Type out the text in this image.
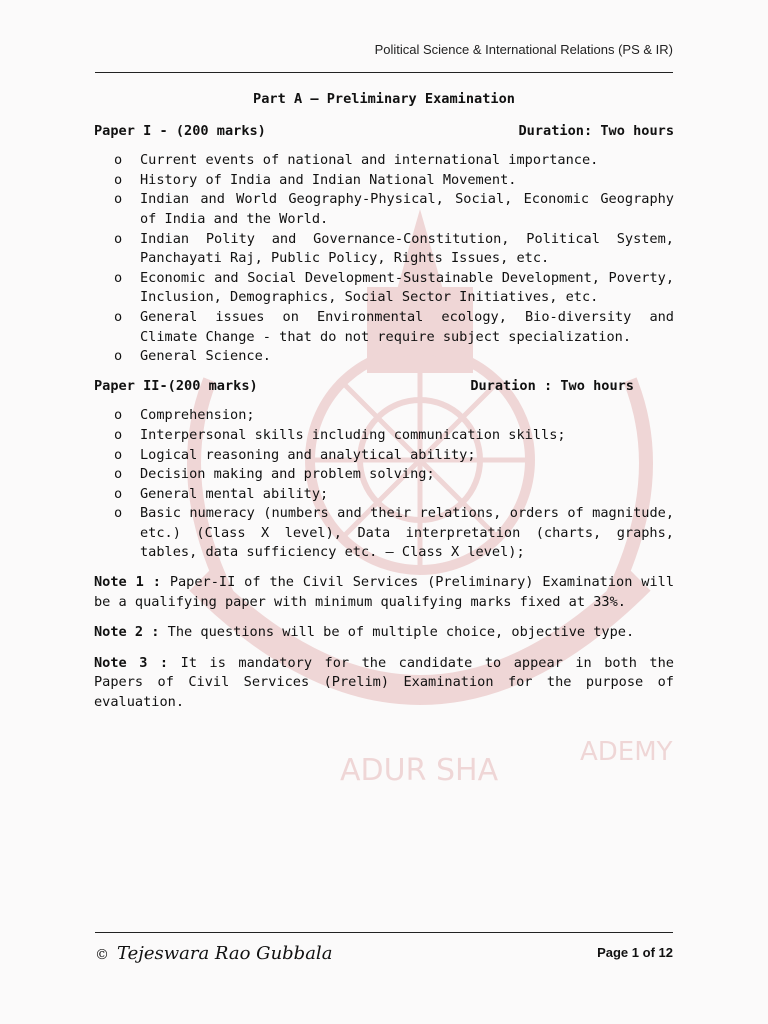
ADUR SHA
ADEMY
Political Science & International Relations (PS & IR)
Part A – Preliminary Examination
Paper I - (200 marks)	Duration: Two hours
o Current events of national and international importance.
o History of India and Indian National Movement.
o Indian and World Geography-Physical, Social, Economic Geography of India and the World.
o Indian Polity and Governance-Constitution, Political System, Panchayati Raj, Public Policy, Rights Issues, etc.
o Economic and Social Development-Sustainable Development, Poverty, Inclusion, Demographics, Social Sector Initiatives, etc.
o General issues on Environmental ecology, Bio-diversity and Climate Change - that do not require subject specialization.
o General Science.
Paper II-(200 marks)	Duration : Two hours
o Comprehension;
o Interpersonal skills including communication skills;
o Logical reasoning and analytical ability;
o Decision making and problem solving;
o General mental ability;
o Basic numeracy (numbers and their relations, orders of magnitude, etc.) (Class X level), Data interpretation (charts, graphs, tables, data sufficiency etc. – Class X level);

Note 1 : Paper-II of the Civil Services (Preliminary) Examination will be a qualifying paper with minimum qualifying marks fixed at 33%.

Note 2 : The questions will be of multiple choice, objective type.

Note 3 : It is mandatory for the candidate to appear in both the Papers of Civil Services (Prelim) Examination for the purpose of evaluation.

© Tejeswara Rao Gubbala	Page 1 of 12
